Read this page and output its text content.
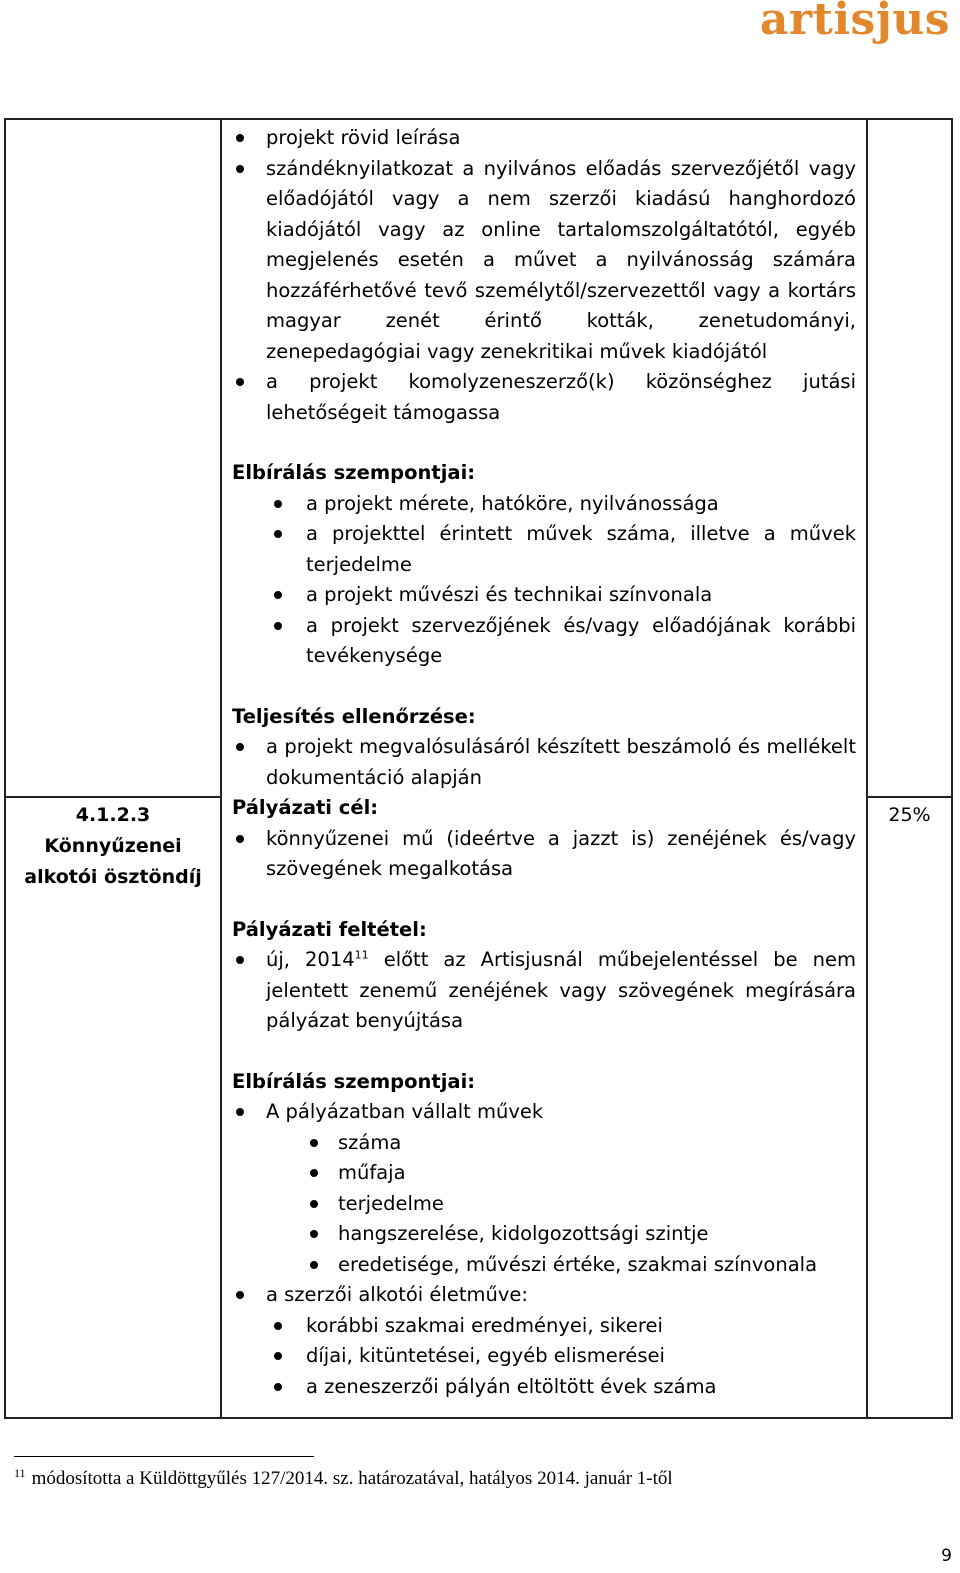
artisjus
4.1.2.3
Könnyűzenei
alkotói ösztöndíj
25%
projekt rövid leírása
szándéknyilatkozat a nyilvános előadás szervezőjétől vagy előadójától vagy a nem szerzői kiadású hanghordozó kiadójától vagy az online tartalomszolgáltatótól, egyéb megjelenés esetén a művet a nyilvánosság számára hozzáférhetővé tevő személytől/szervezettől vagy a kortárs magyar zenét érintő kották, zenetudományi, zenepedagógiai vagy zenekritikai művek kiadójától
a projekt komolyzeneszerző(k) közönséghez jutási lehetőségeit támogassa
Elbírálás szempontjai:
a projekt mérete, hatóköre, nyilvánossága
a projekttel érintett művek száma, illetve a művek terjedelme
a projekt művészi és technikai színvonala
a projekt szervezőjének és/vagy előadójának korábbi tevékenysége
Teljesítés ellenőrzése:
a projekt megvalósulásáról készített beszámoló és mellékelt dokumentáció alapján
Pályázati cél:
könnyűzenei mű (ideértve a jazzt is) zenéjének és/vagy szövegének megalkotása
Pályázati feltétel:
új, 2014$^{11}$ előtt az Artisjusnál műbejelentéssel be nem jelentett zenemű zenéjének vagy szövegének megírására pályázat benyújtása
Elbírálás szempontjai:
A pályázatban vállalt művek
száma
műfaja
terjedelme
hangszerelése, kidolgozottsági szintje
eredetisége, művészi értéke, szakmai színvonala
a szerzői alkotói életműve:
korábbi szakmai eredményei, sikerei
díjai, kitüntetései, egyéb elismerései
a zeneszerzői pályán eltöltött évek száma
$^{11}$ módosította a Küldöttgyűlés 127/2014. sz. határozatával, hatályos 2014. január 1-től
9
